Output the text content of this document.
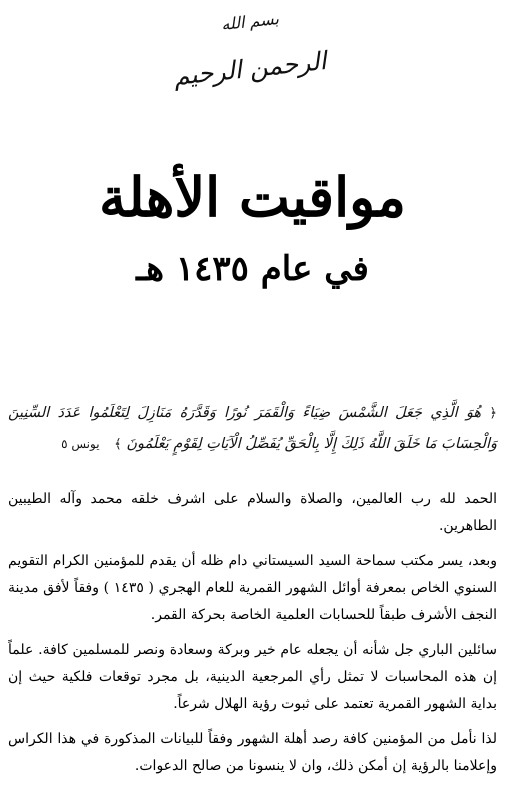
بسم الله
الرحمن الرحيم
مواقيت الأهلة
في عام ١٤٣٥ هـ
﴿ هُوَ الَّذِي جَعَلَ الشَّمْسَ ضِيَاءً وَالْقَمَرَ نُورًا وَقَدَّرَهُ مَنَازِلَ لِتَعْلَمُوا عَدَدَ السِّنِينَ وَالْحِسَابَ مَا خَلَقَ اللَّهُ ذَلِكَ إِلَّا بِالْحَقِّ يُفَصِّلُ الْآيَاتِ لِقَوْمٍ يَعْلَمُونَ ﴾ يونس ٥

الحمد لله رب العالمين، والصلاة والسلام على اشرف خلقه محمد وآله الطيبين الطاهرين.

وبعد، يسر مكتب سماحة السيد السيستاني دام ظله أن يقدم للمؤمنين الكرام التقويم السنوي الخاص بمعرفة أوائل الشهور القمرية للعام الهجري ( ١٤٣٥ ) وفقاً لأفق مدينة النجف الأشرف طبقاً للحسابات العلمية الخاصة بحركة القمر.

سائلين الباري جل شأنه أن يجعله عام خير وبركة وسعادة ونصر للمسلمين كافة. علماً إن هذه المحاسبات لا تمثل رأي المرجعية الدينية، بل مجرد توقعات فلكية حيث إن بداية الشهور القمرية تعتمد على ثبوت رؤية الهلال شرعاً.

لذا نأمل من المؤمنين كافة رصد أهلة الشهور وفقاً للبيانات المذكورة في هذا الكراس وإعلامنا بالرؤية إن أمكن ذلك، وان لا ينسونا من صالح الدعوات.
